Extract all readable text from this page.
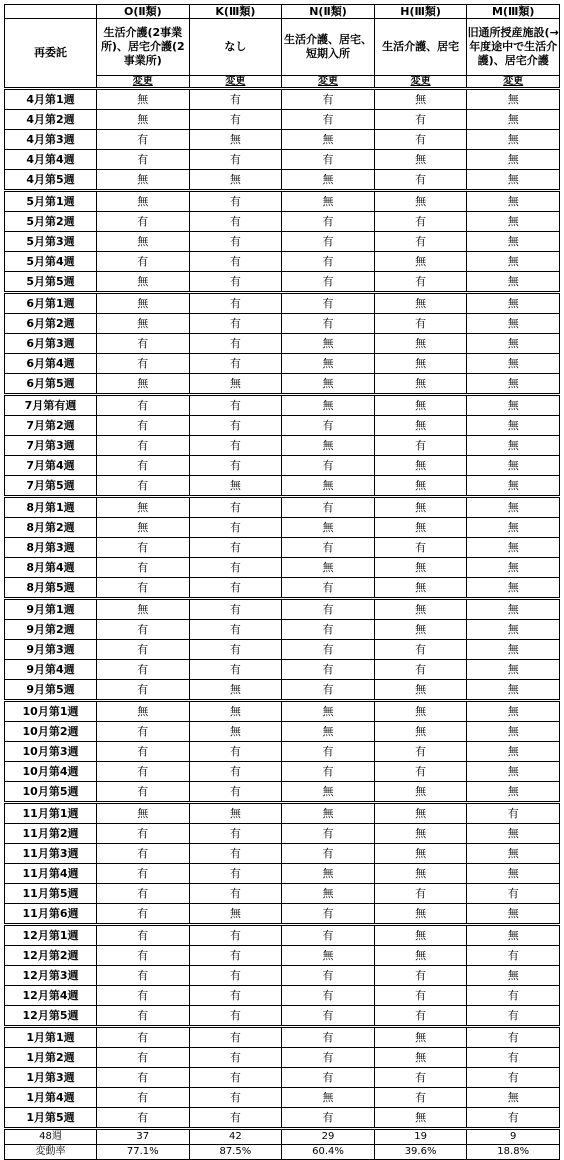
	O(Ⅱ類)	K(Ⅲ類)	N(Ⅱ類)	H(Ⅲ類)	M(Ⅲ類)
再委託	生活介護(2事業所)、居宅介護(2事業所)	なし	生活介護、居宅、短期入所	生活介護、居宅	旧通所授産施設(→年度途中で生活介護)、居宅介護
	変更	変更	変更	変更	変更
4月第1週	無	有	有	無	無
4月第2週	無	有	有	有	無
4月第3週	有	無	無	有	無
4月第4週	有	有	有	無	無
4月第5週	無	無	無	有	無
5月第1週	無	有	無	無	無
5月第2週	有	有	有	有	無
5月第3週	無	有	有	有	無
5月第4週	有	有	有	無	無
5月第5週	無	有	有	有	無
6月第1週	無	有	有	無	無
6月第2週	無	有	有	有	無
6月第3週	有	有	無	無	無
6月第4週	有	有	無	無	無
6月第5週	無	無	無	無	無
7月第有週	有	有	無	無	無
7月第2週	有	有	有	無	無
7月第3週	有	有	無	有	無
7月第4週	有	有	有	無	無
7月第5週	有	無	無	無	無
8月第1週	無	有	有	無	無
8月第2週	無	有	無	無	無
8月第3週	有	有	有	有	無
8月第4週	有	有	無	無	無
8月第5週	有	有	有	無	無
9月第1週	無	有	有	無	無
9月第2週	有	有	有	無	無
9月第3週	有	有	有	有	無
9月第4週	有	有	有	有	無
9月第5週	有	無	有	無	無
10月第1週	無	無	無	無	無
10月第2週	有	無	無	無	無
10月第3週	有	有	有	有	無
10月第4週	有	有	有	有	無
10月第5週	有	有	無	無	無
11月第1週	無	無	無	無	有
11月第2週	有	有	有	無	無
11月第3週	有	有	有	無	無
11月第4週	有	有	無	無	無
11月第5週	有	有	無	有	有
11月第6週	有	無	有	無	無
12月第1週	有	有	有	無	無
12月第2週	有	有	無	無	有
12月第3週	有	有	有	有	無
12月第4週	有	有	有	有	有
12月第5週	有	有	有	有	有
1月第1週	有	有	有	無	有
1月第2週	有	有	有	無	有
1月第3週	有	有	有	有	有
1月第4週	有	有	無	有	無
1月第5週	有	有	有	無	有
48週	37	42	29	19	9
変動率	77.1%	87.5%	60.4%	39.6%	18.8%
